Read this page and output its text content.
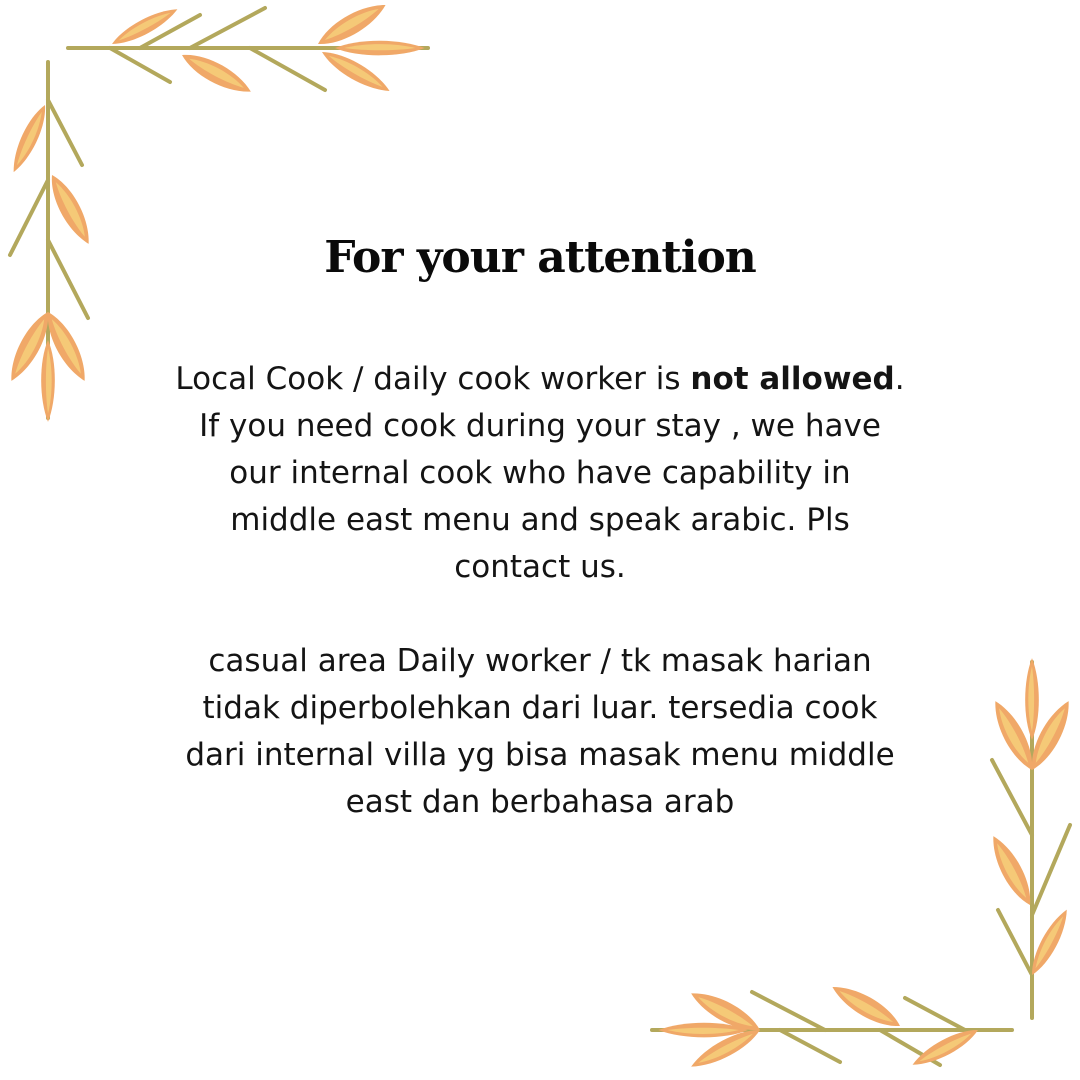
For your attention

Local Cook / daily cook worker is not allowed.
If you need cook during your stay , we have
our internal cook who have capability in
middle east menu and speak arabic. Pls
contact us.

casual area Daily worker / tk masak harian
tidak diperbolehkan dari luar. tersedia cook
dari internal villa yg bisa masak menu middle
east dan berbahasa arab
